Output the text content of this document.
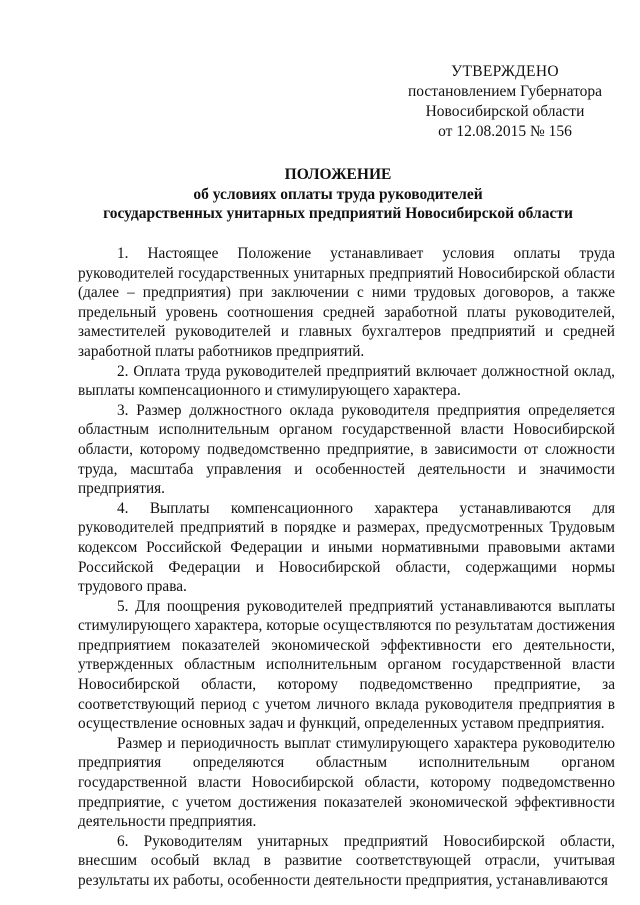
УТВЕРЖДЕНО
постановлением Губернатора
Новосибирской области
от 12.08.2015 № 156
ПОЛОЖЕНИЕ
об условиях оплаты труда руководителей
государственных унитарных предприятий Новосибирской области

1. Настоящее Положение устанавливает условия оплаты труда руководителей государственных унитарных предприятий Новосибирской области (далее – предприятия) при заключении с ними трудовых договоров, а также предельный уровень соотношения средней заработной платы руководителей, заместителей руководителей и главных бухгалтеров предприятий и средней заработной платы работников предприятий.

2. Оплата труда руководителей предприятий включает должностной оклад, выплаты компенсационного и стимулирующего характера.

3. Размер должностного оклада руководителя предприятия определяется областным исполнительным органом государственной власти Новосибирской области, которому подведомственно предприятие, в зависимости от сложности труда, масштаба управления и особенностей деятельности и значимости предприятия.

4. Выплаты компенсационного характера устанавливаются для руководителей предприятий в порядке и размерах, предусмотренных Трудовым кодексом Российской Федерации и иными нормативными правовыми актами Российской Федерации и Новосибирской области, содержащими нормы трудового права.

5. Для поощрения руководителей предприятий устанавливаются выплаты стимулирующего характера, которые осуществляются по результатам достижения предприятием показателей экономической эффективности его деятельности, утвержденных областным исполнительным органом государственной власти Новосибирской области, которому подведомственно предприятие, за соответствующий период с учетом личного вклада руководителя предприятия в осуществление основных задач и функций, определенных уставом предприятия.

Размер и периодичность выплат стимулирующего характера руководителю предприятия определяются областным исполнительным органом государственной власти Новосибирской области, которому подведомственно предприятие, с учетом достижения показателей экономической эффективности деятельности предприятия.

6. Руководителям унитарных предприятий Новосибирской области, внесшим особый вклад в развитие соответствующей отрасли, учитывая результаты их работы, особенности деятельности предприятия, устанавливаются
